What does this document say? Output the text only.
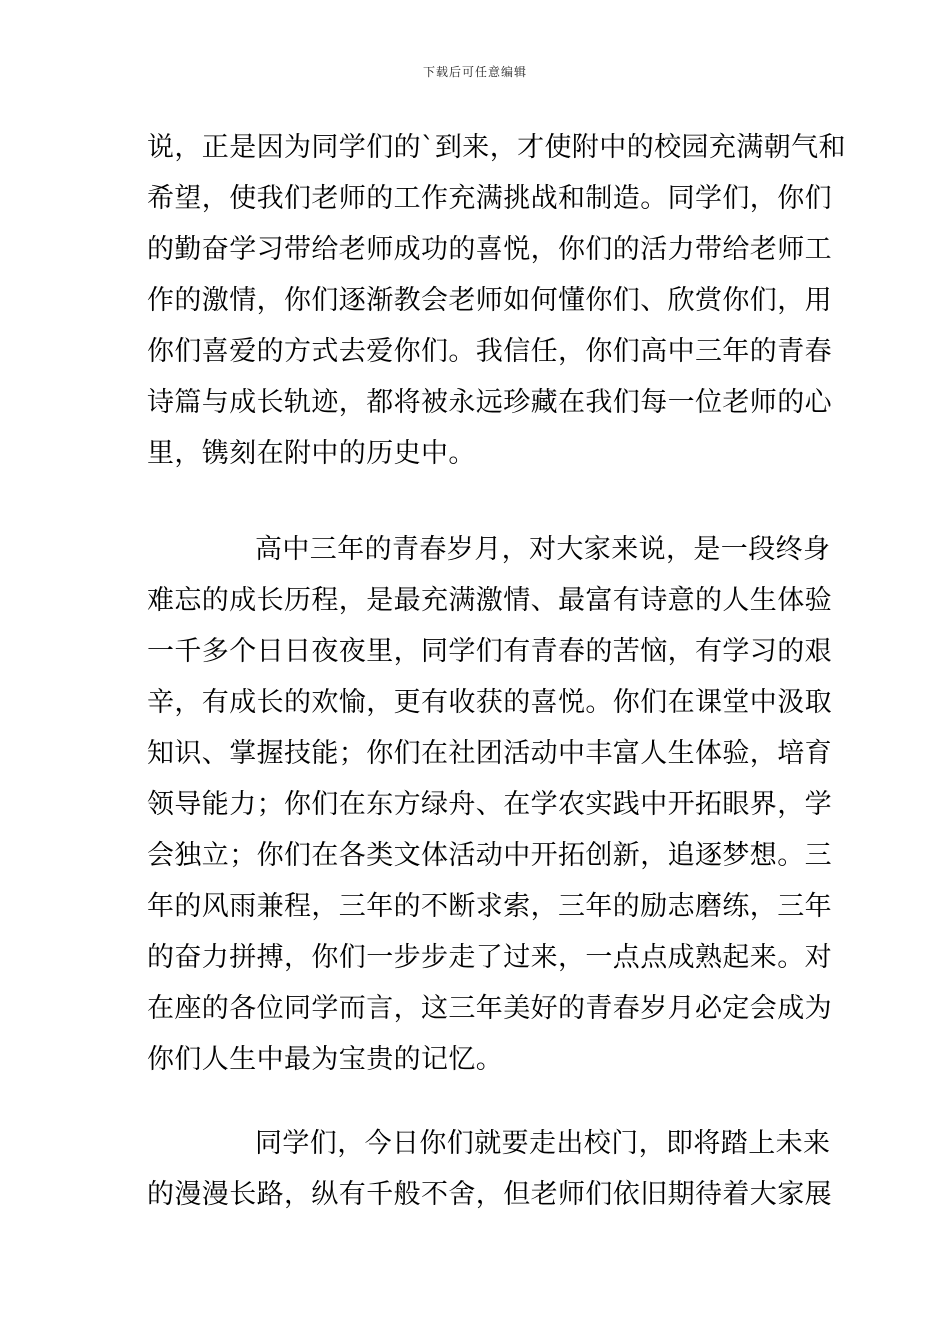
下载后可任意编辑
说，正是因为同学们的`到来，才使附中的校园充满朝气和
希望，使我们老师的工作充满挑战和制造。同学们，你们
的勤奋学习带给老师成功的喜悦，你们的活力带给老师工
作的激情，你们逐渐教会老师如何懂你们、欣赏你们，用
你们喜爱的方式去爱你们。我信任，你们高中三年的青春
诗篇与成长轨迹，都将被永远珍藏在我们每一位老师的心
里，镌刻在附中的历史中。
高中三年的青春岁月，对大家来说，是一段终身
难忘的成长历程，是最充满激情、最富有诗意的人生体验
一千多个日日夜夜里，同学们有青春的苦恼，有学习的艰
辛，有成长的欢愉，更有收获的喜悦。你们在课堂中汲取
知识、掌握技能；你们在社团活动中丰富人生体验，培育
领导能力；你们在东方绿舟、在学农实践中开拓眼界，学
会独立；你们在各类文体活动中开拓创新，追逐梦想。三
年的风雨兼程，三年的不断求索，三年的励志磨练，三年
的奋力拼搏，你们一步步走了过来，一点点成熟起来。对
在座的各位同学而言，这三年美好的青春岁月必定会成为
你们人生中最为宝贵的记忆。
同学们，今日你们就要走出校门，即将踏上未来
的漫漫长路，纵有千般不舍，但老师们依旧期待着大家展
